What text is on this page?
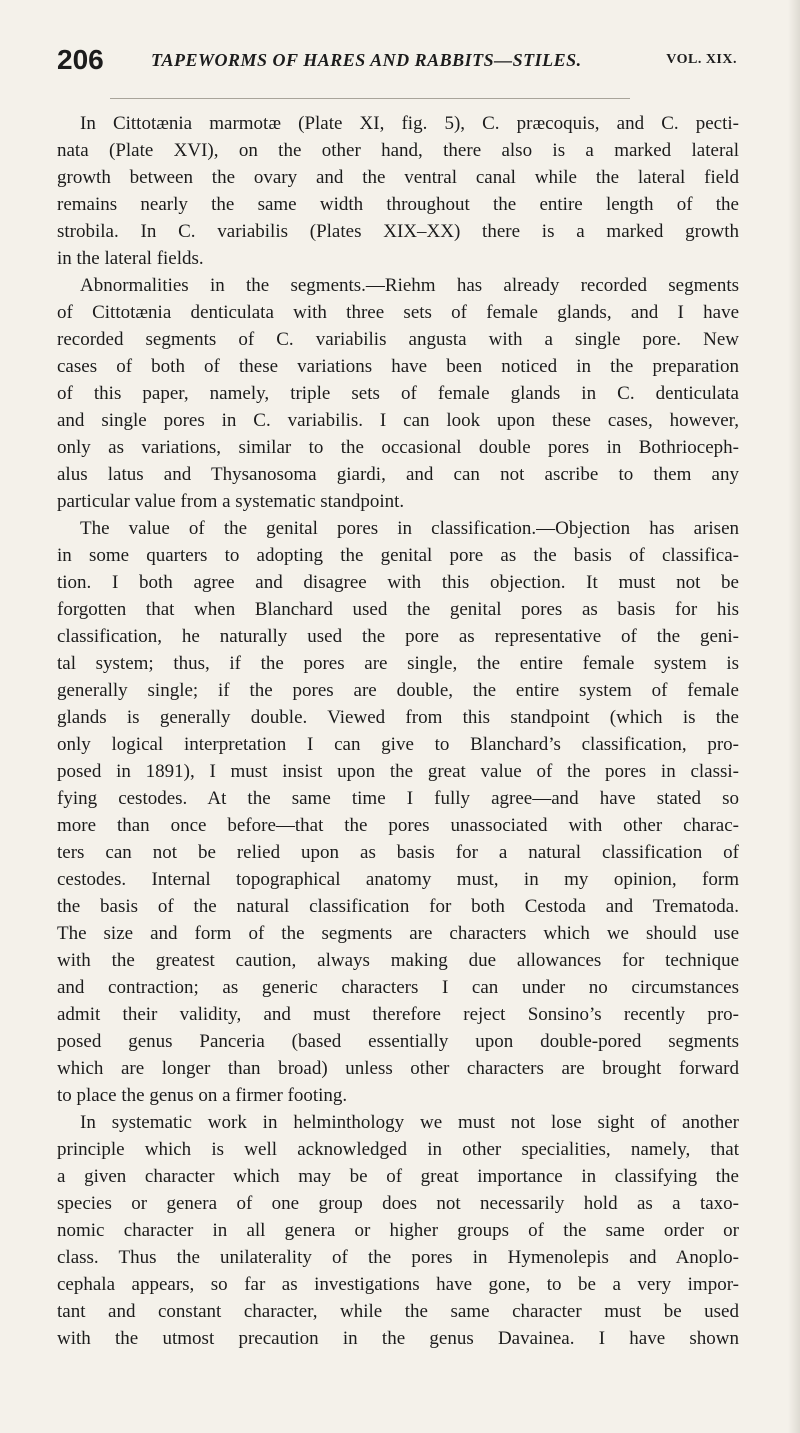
206	TAPEWORMS OF HARES AND RABBITS—STILES.	VOL. XIX.
In Cittotænia marmotæ (Plate XI, fig. 5), C. præcoquis, and C. pecti-
nata (Plate XVI), on the other hand, there also is a marked lateral
growth between the ovary and the ventral canal while the lateral field
remains nearly the same width throughout the entire length of the
strobila. In C. variabilis (Plates XIX–XX) there is a marked growth
in the lateral fields.
Abnormalities in the segments.—Riehm has already recorded segments
of Cittotænia denticulata with three sets of female glands, and I have
recorded segments of C. variabilis angusta with a single pore. New
cases of both of these variations have been noticed in the preparation
of this paper, namely, triple sets of female glands in C. denticulata
and single pores in C. variabilis. I can look upon these cases, however,
only as variations, similar to the occasional double pores in Bothrioceph-
alus latus and Thysanosoma giardi, and can not ascribe to them any
particular value from a systematic standpoint.
The value of the genital pores in classification.—Objection has arisen
in some quarters to adopting the genital pore as the basis of classifica-
tion. I both agree and disagree with this objection. It must not be
forgotten that when Blanchard used the genital pores as basis for his
classification, he naturally used the pore as representative of the geni-
tal system; thus, if the pores are single, the entire female system is
generally single; if the pores are double, the entire system of female
glands is generally double. Viewed from this standpoint (which is the
only logical interpretation I can give to Blanchard’s classification, pro-
posed in 1891), I must insist upon the great value of the pores in classi-
fying cestodes. At the same time I fully agree—and have stated so
more than once before—that the pores unassociated with other charac-
ters can not be relied upon as basis for a natural classification of
cestodes. Internal topographical anatomy must, in my opinion, form
the basis of the natural classification for both Cestoda and Trematoda.
The size and form of the segments are characters which we should use
with the greatest caution, always making due allowances for technique
and contraction; as generic characters I can under no circumstances
admit their validity, and must therefore reject Sonsino’s recently pro-
posed genus Panceria (based essentially upon double-pored segments
which are longer than broad) unless other characters are brought forward
to place the genus on a firmer footing.
In systematic work in helminthology we must not lose sight of another
principle which is well acknowledged in other specialities, namely, that
a given character which may be of great importance in classifying the
species or genera of one group does not necessarily hold as a taxo-
nomic character in all genera or higher groups of the same order or
class. Thus the unilaterality of the pores in Hymenolepis and Anoplo-
cephala appears, so far as investigations have gone, to be a very impor-
tant and constant character, while the same character must be used
with the utmost precaution in the genus Davainea. I have shown
